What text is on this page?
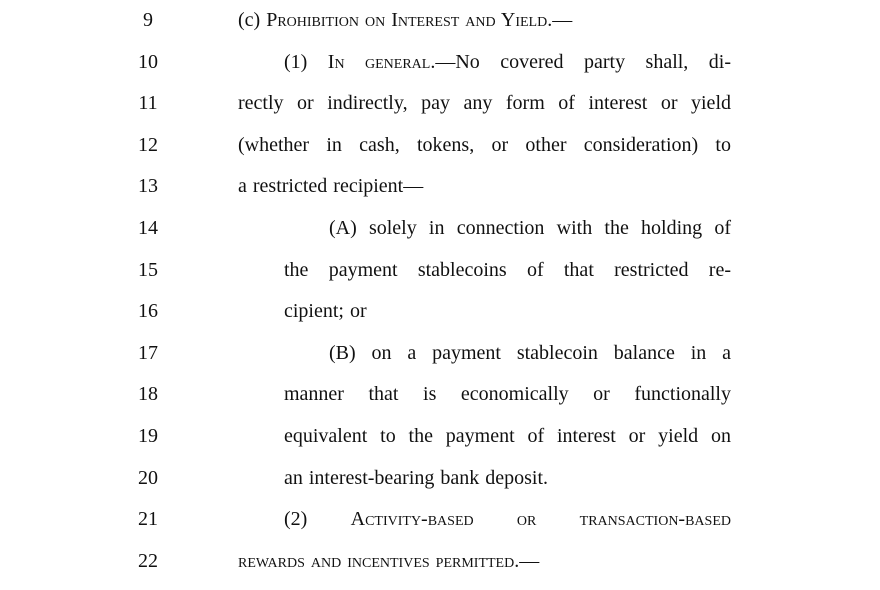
9	(c) Prohibition on Interest and Yield.—
10	(1) In general.—No covered party shall, di-
11	rectly or indirectly, pay any form of interest or yield
12	(whether in cash, tokens, or other consideration) to
13	a restricted recipient—
14	(A) solely in connection with the holding of
15	the payment stablecoins of that restricted re-
16	cipient; or
17	(B) on a payment stablecoin balance in a
18	manner that is economically or functionally
19	equivalent to the payment of interest or yield on
20	an interest-bearing bank deposit.
21	(2) Activity-based or transaction-based
22	rewards and incentives permitted.—
